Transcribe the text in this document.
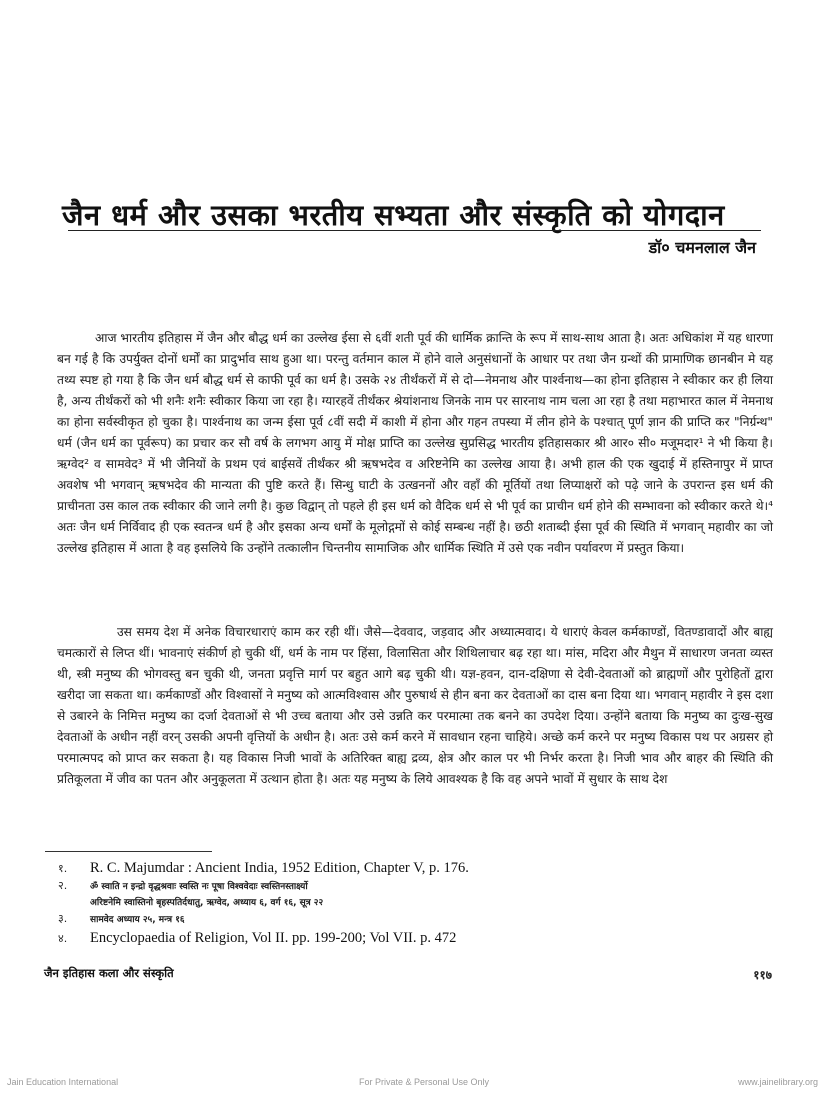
जैन धर्म और उसका भरतीय सभ्यता और संस्कृति को योगदान
डॉ० चमनलाल जैन

आज भारतीय इतिहास में जैन और बौद्ध धर्म का उल्लेख ईसा से ६वीं शती पूर्व की धार्मिक क्रान्ति के रूप में साथ-साथ आता है। अतः अधिकांश में यह धारणा बन गई है कि उपर्युक्त दोनों धर्मों का प्रादुर्भाव साथ हुआ था। परन्तु वर्तमान काल में होने वाले अनुसंधानों के आधार पर तथा जैन ग्रन्थों की प्रामाणिक छानबीन मे यह तथ्य स्पष्ट हो गया है कि जैन धर्म बौद्ध धर्म से काफी पूर्व का धर्म है। उसके २४ तीर्थंकरों में से दो—नेमनाथ और पार्श्वनाथ—का होना इतिहास ने स्वीकार कर ही लिया है, अन्य तीर्थंकरों को भी शनैः शनैः स्वीकार किया जा रहा है। ग्यारहवें तीर्थंकर श्रेयांशनाथ जिनके नाम पर सारनाथ नाम चला आ रहा है तथा महाभारत काल में नेमनाथ का होना सर्वस्वीकृत हो चुका है। पार्श्वनाथ का जन्म ईसा पूर्व ८वीं सदी में काशी में होना और गहन तपस्या में लीन होने के पश्चात् पूर्ण ज्ञान की प्राप्ति कर "निर्ग्रन्थ" धर्म (जैन धर्म का पूर्वरूप) का प्रचार कर सौ वर्ष के लगभग आयु में मोक्ष प्राप्ति का उल्लेख सुप्रसिद्ध भारतीय इतिहासकार श्री आर० सी० मजूमदार¹ ने भी किया है। ऋग्वेद² व सामवेद³ में भी जैनियों के प्रथम एवं बाईसवें तीर्थंकर श्री ऋषभदेव व अरिष्टनेमि का उल्लेख आया है। अभी हाल की एक खुदाई में हस्तिनापुर में प्राप्त अवशेष भी भगवान् ऋषभदेव की मान्यता की पुष्टि करते हैं। सिन्धु घाटी के उत्खननों और वहाँ की मूर्तियों तथा लिप्याक्षरों को पढ़े जाने के उपरान्त इस धर्म की प्राचीनता उस काल तक स्वीकार की जाने लगी है। कुछ विद्वान् तो पहले ही इस धर्म को वैदिक धर्म से भी पूर्व का प्राचीन धर्म होने की सम्भावना को स्वीकार करते थे।⁴ अतः जैन धर्म निर्विवाद ही एक स्वतन्त्र धर्म है और इसका अन्य धर्मों के मूलोद्गमों से कोई सम्बन्ध नहीं है। छठी शताब्दी ईसा पूर्व की स्थिति में भगवान् महावीर का जो उल्लेख इतिहास में आता है वह इसलिये कि उन्होंने तत्कालीन चिन्तनीय सामाजिक और धार्मिक स्थिति में उसे एक नवीन पर्यावरण में प्रस्तुत किया।

उस समय देश में अनेक विचारधाराएं काम कर रही थीं। जैसे—देववाद, जड़वाद और अध्यात्मवाद। ये धाराएं केवल कर्मकाण्डों, वितण्डावादों और बाह्य चमत्कारों से लिप्त थीं। भावनाएं संकीर्ण हो चुकी थीं, धर्म के नाम पर हिंसा, विलासिता और शिथिलाचार बढ़ रहा था। मांस, मदिरा और मैथुन में साधारण जनता व्यस्त थी, स्त्री मनुष्य की भोगवस्तु बन चुकी थी, जनता प्रवृत्ति मार्ग पर बहुत आगे बढ़ चुकी थी। यज्ञ-हवन, दान-दक्षिणा से देवी-देवताओं को ब्राह्मणों और पुरोहितों द्वारा खरीदा जा सकता था। कर्मकाण्डों और विश्वासों ने मनुष्य को आत्मविश्वास और पुरुषार्थ से हीन बना कर देवताओं का दास बना दिया था। भगवान् महावीर ने इस दशा से उबारने के निमित्त मनुष्य का दर्जा देवताओं से भी उच्च बताया और उसे उन्नति कर परमात्मा तक बनने का उपदेश दिया। उन्होंने बताया कि मनुष्य का दुःख-सुख देवताओं के अधीन नहीं वरन् उसकी अपनी वृत्तियों के अधीन है। अतः उसे कर्म करने में सावधान रहना चाहिये। अच्छे कर्म करने पर मनुष्य विकास पथ पर अग्रसर हो परमात्मपद को प्राप्त कर सकता है। यह विकास निजी भावों के अतिरिक्त बाह्य द्रव्य, क्षेत्र और काल पर भी निर्भर करता है। निजी भाव और बाहर की स्थिति की प्रतिकूलता में जीव का पतन और अनुकूलता में उत्थान होता है। अतः यह मनुष्य के लिये आवश्यक है कि वह अपने भावों में सुधार के साथ देश

१.	R. C. Majumdar : Ancient India, 1952 Edition, Chapter V, p. 176.
२.	ॐ स्वाति न इन्द्रो वृद्धश्रवाः स्वस्ति नः पूषा विश्ववेदाः स्वस्तिनस्तार्क्ष्यो
अरिष्टनेमि स्वास्तिनो बृहस्पतिर्दधातु, ऋग्वेद, अध्याय ६, वर्ग १६, सूत्र २२
३.	सामवेद अध्याय २५, मन्त्र १६
४.	Encyclopaedia of Religion, Vol II. pp. 199-200; Vol VII. p. 472
जैन इतिहास कला और संस्कृति	११७
Jain Education International	For Private & Personal Use Only	www.jainelibrary.org
